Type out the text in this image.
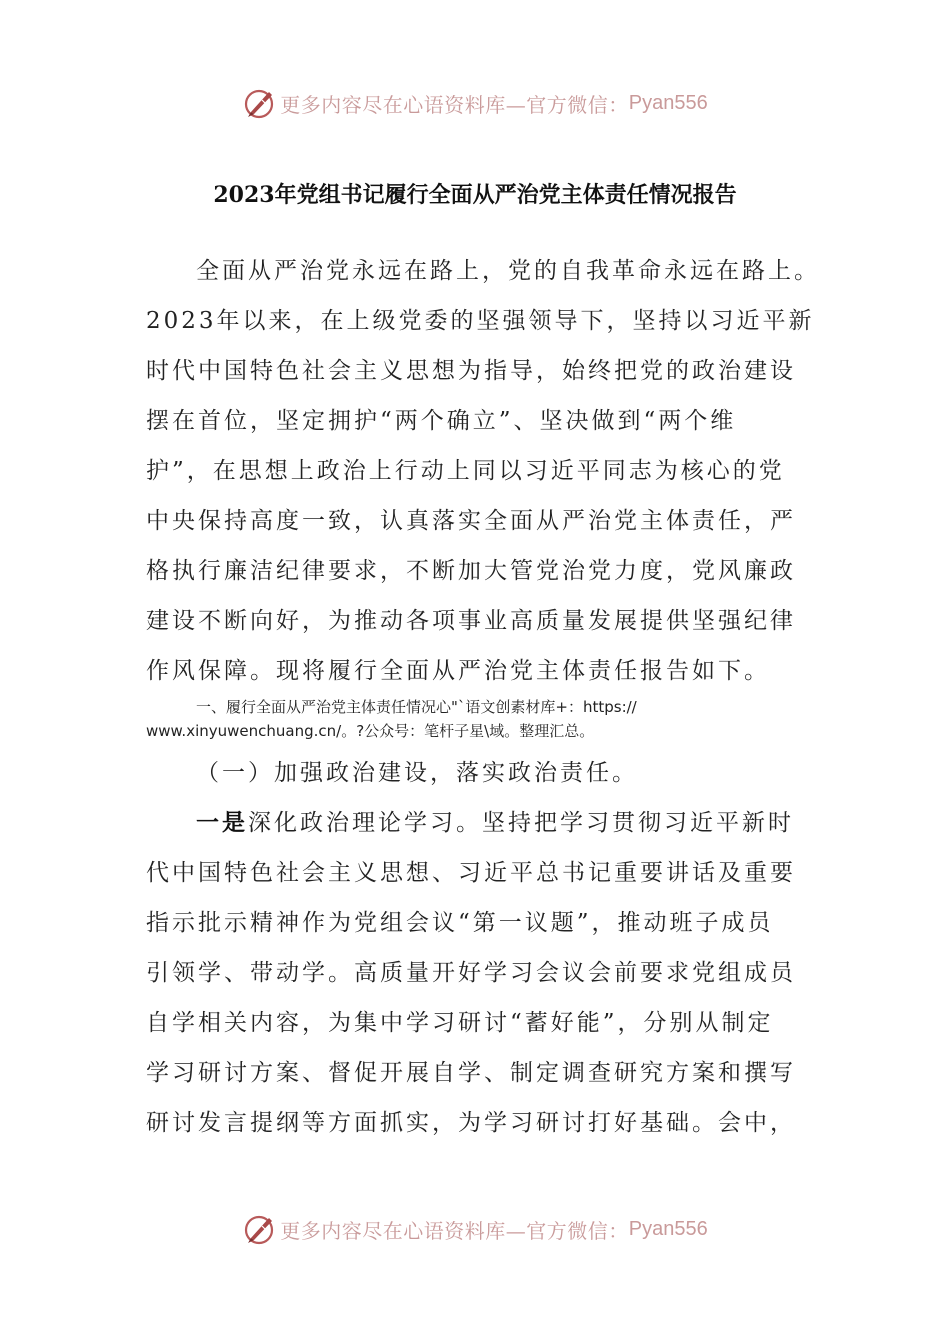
更多内容尽在心语资料库—官方微信： Pyan556
2023年党组书记履行全面从严治党主体责任情况报告

全面从严治党永远在路上，党的自我革命永远在路上。

2023年以来，在上级党委的坚强领导下，坚持以习近平新

时代中国特色社会主义思想为指导，始终把党的政治建设

摆在首位，坚定拥护“两个确立”、坚决做到“两个维

护”，在思想上政治上行动上同以习近平同志为核心的党

中央保持高度一致，认真落实全面从严治党主体责任，严

格执行廉洁纪律要求，不断加大管党治党力度，党风廉政

建设不断向好，为推动各项事业高质量发展提供坚强纪律

作风保障。现将履行全面从严治党主体责任报告如下。

一、履行全面从严治党主体责任情况心"`语文创素材库+：https://

www.xinyuwenchuang.cn/。?公众号：笔杆子星\域。整理汇总。

（一）加强政治建设，落实政治责任。

一是深化政治理论学习。坚持把学习贯彻习近平新时

代中国特色社会主义思想、习近平总书记重要讲话及重要

指示批示精神作为党组会议“第一议题”，推动班子成员

引领学、带动学。高质量开好学习会议会前要求党组成员

自学相关内容，为集中学习研讨“蓄好能”，分别从制定

学习研讨方案、督促开展自学、制定调查研究方案和撰写

研讨发言提纲等方面抓实，为学习研讨打好基础。会中，

更多内容尽在心语资料库—官方微信： Pyan556
